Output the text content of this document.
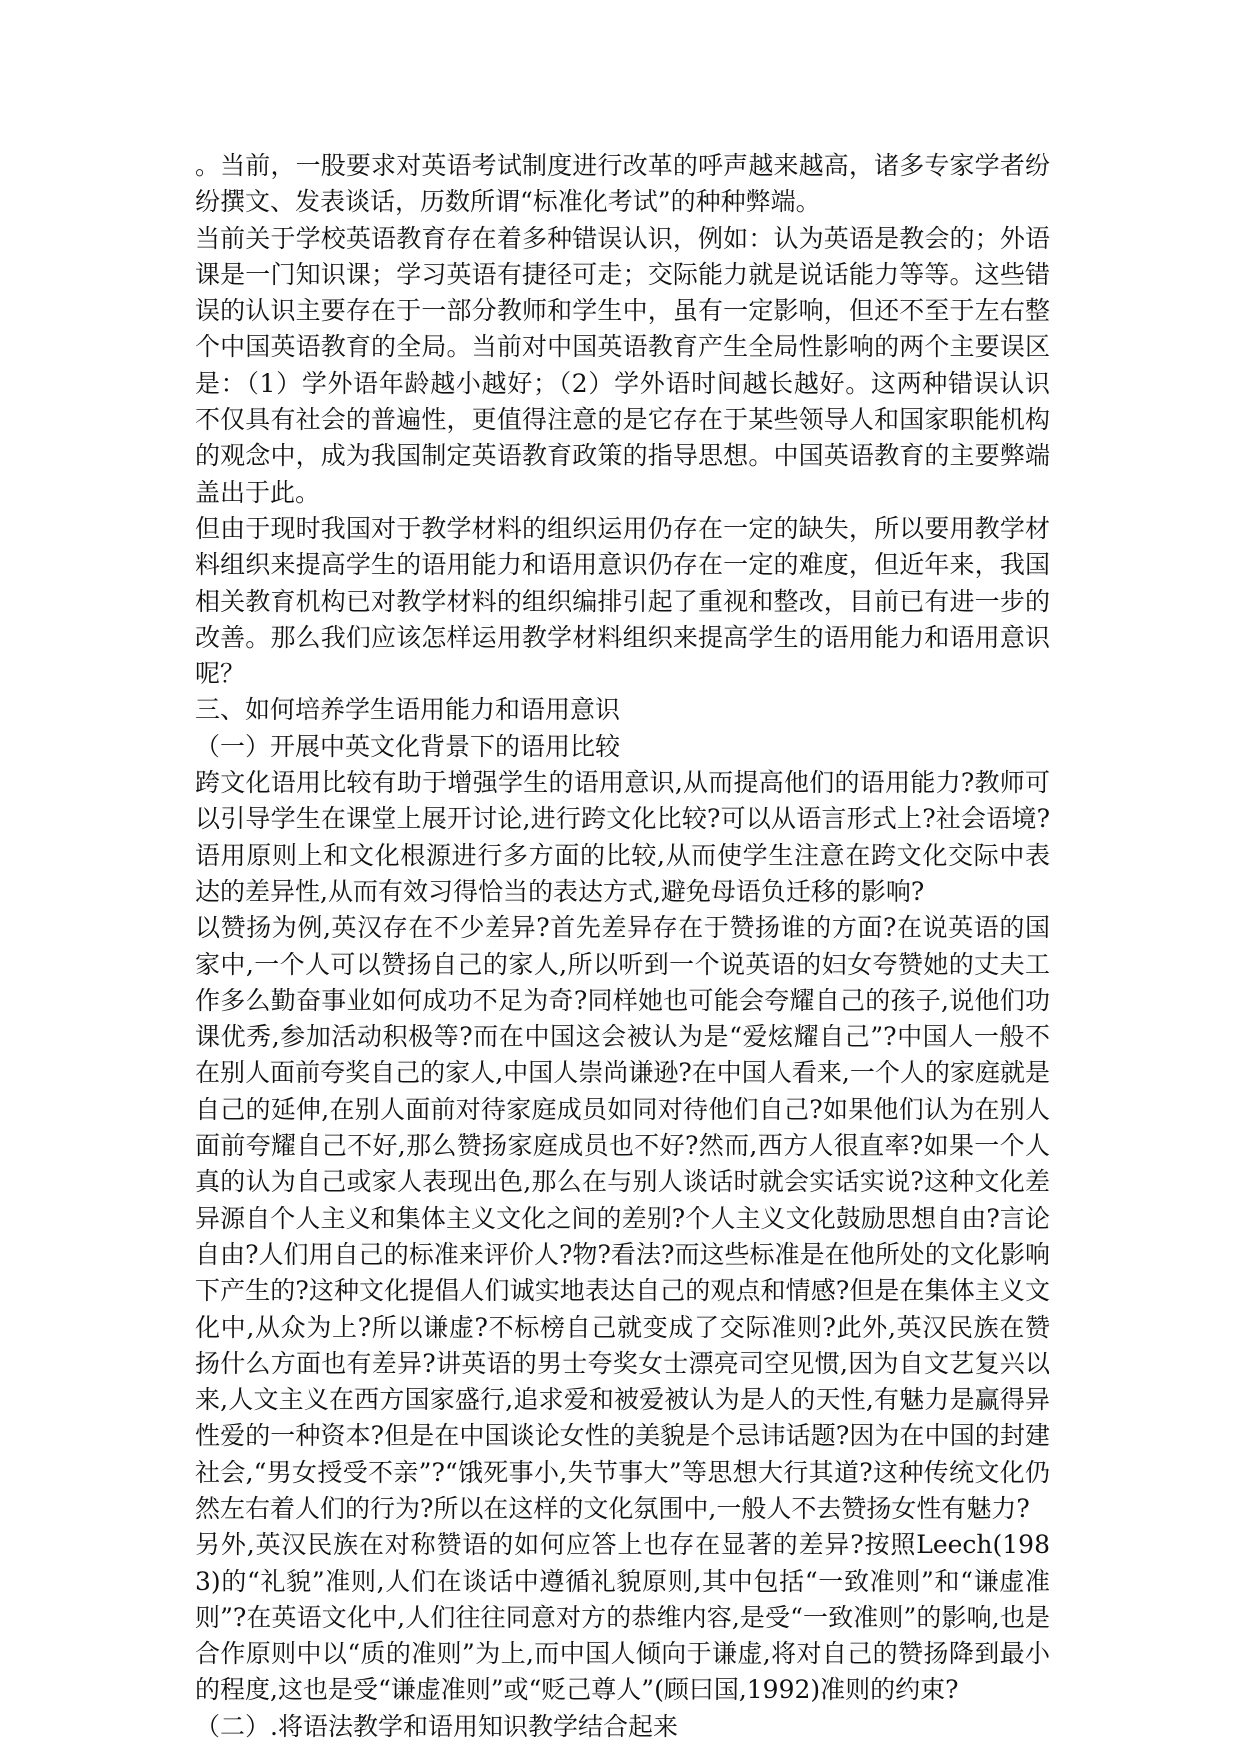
。当前，一股要求对英语考试制度进行改革的呼声越来越高，诸多专家学者纷纷撰文、发表谈话，历数所谓“标准化考试”的种种弊端。

当前关于学校英语教育存在着多种错误认识，例如：认为英语是教会的；外语课是一门知识课；学习英语有捷径可走；交际能力就是说话能力等等。这些错误的认识主要存在于一部分教师和学生中，虽有一定影响，但还不至于左右整个中国英语教育的全局。当前对中国英语教育产生全局性影响的两个主要误区是：（1）学外语年龄越小越好；（2）学外语时间越长越好。这两种错误认识不仅具有社会的普遍性，更值得注意的是它存在于某些领导人和国家职能机构的观念中，成为我国制定英语教育政策的指导思想。中国英语教育的主要弊端盖出于此。

但由于现时我国对于教学材料的组织运用仍存在一定的缺失，所以要用教学材料组织来提高学生的语用能力和语用意识仍存在一定的难度，但近年来，我国相关教育机构已对教学材料的组织编排引起了重视和整改，目前已有进一步的改善。那么我们应该怎样运用教学材料组织来提高学生的语用能力和语用意识呢？

三、如何培养学生语用能力和语用意识

（一）开展中英文化背景下的语用比较

跨文化语用比较有助于增强学生的语用意识,从而提高他们的语用能力?教师可以引导学生在课堂上展开讨论,进行跨文化比较?可以从语言形式上?社会语境?语用原则上和文化根源进行多方面的比较,从而使学生注意在跨文化交际中表达的差异性,从而有效习得恰当的表达方式,避免母语负迁移的影响?

以赞扬为例,英汉存在不少差异?首先差异存在于赞扬谁的方面?在说英语的国家中,一个人可以赞扬自己的家人,所以听到一个说英语的妇女夸赞她的丈夫工作多么勤奋事业如何成功不足为奇?同样她也可能会夸耀自己的孩子,说他们功课优秀,参加活动积极等?而在中国这会被认为是“爱炫耀自己”?中国人一般不在别人面前夸奖自己的家人,中国人崇尚谦逊?在中国人看来,一个人的家庭就是自己的延伸,在别人面前对待家庭成员如同对待他们自己?如果他们认为在别人面前夸耀自己不好,那么赞扬家庭成员也不好?然而,西方人很直率?如果一个人真的认为自己或家人表现出色,那么在与别人谈话时就会实话实说?这种文化差异源自个人主义和集体主义文化之间的差别?个人主义文化鼓励思想自由?言论自由?人们用自己的标准来评价人?物?看法?而这些标准是在他所处的文化影响下产生的?这种文化提倡人们诚实地表达自己的观点和情感?但是在集体主义文化中,从众为上?所以谦虚?不标榜自己就变成了交际准则?此外,英汉民族在赞扬什么方面也有差异?讲英语的男士夸奖女士漂亮司空见惯,因为自文艺复兴以来,人文主义在西方国家盛行,追求爱和被爱被认为是人的天性,有魅力是赢得异性爱的一种资本?但是在中国谈论女性的美貌是个忌讳话题?因为在中国的封建社会,“男女授受不亲”?“饿死事小,失节事大”等思想大行其道?这种传统文化仍然左右着人们的行为?所以在这样的文化氛围中,一般人不去赞扬女性有魅力?

另外,英汉民族在对称赞语的如何应答上也存在显著的差异?按照Leech(1983)的“礼貌”准则,人们在谈话中遵循礼貌原则,其中包括“一致准则”和“谦虚准则”?在英语文化中,人们往往同意对方的恭维内容,是受“一致准则”的影响,也是合作原则中以“质的准则”为上,而中国人倾向于谦虚,将对自己的赞扬降到最小的程度,这也是受“谦虚准则”或“贬己尊人”(顾曰国,1992)准则的约束?

（二）.将语法教学和语用知识教学结合起来
